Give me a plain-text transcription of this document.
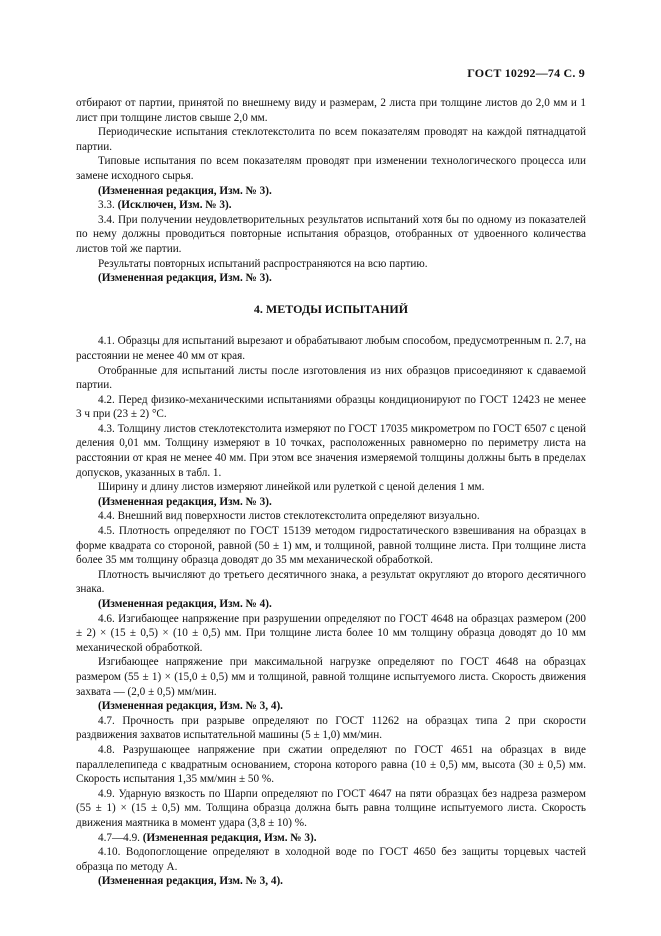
ГОСТ 10292—74 С. 9

отбирают от партии, принятой по внешнему виду и размерам, 2 листа при толщине листов до 2,0 мм и 1 лист при толщине листов свыше 2,0 мм.

Периодические испытания стеклотекстолита по всем показателям проводят на каждой пятнадцатой партии.

Типовые испытания по всем показателям проводят при изменении технологического процесса или замене исходного сырья.

(Измененная редакция, Изм. № 3).

3.3. (Исключен, Изм. № 3).

3.4. При получении неудовлетворительных результатов испытаний хотя бы по одному из показателей по нему должны проводиться повторные испытания образцов, отобранных от удвоенного количества листов той же партии.

Результаты повторных испытаний распространяются на всю партию.

(Измененная редакция, Изм. № 3).

4. МЕТОДЫ ИСПЫТАНИЙ

4.1. Образцы для испытаний вырезают и обрабатывают любым способом, предусмотренным п. 2.7, на расстоянии не менее 40 мм от края.

Отобранные для испытаний листы после изготовления из них образцов присоединяют к сдаваемой партии.

4.2. Перед физико-механическими испытаниями образцы кондиционируют по ГОСТ 12423 не менее 3 ч при (23 ± 2) °С.

4.3. Толщину листов стеклотекстолита измеряют по ГОСТ 17035 микрометром по ГОСТ 6507 с ценой деления 0,01 мм. Толщину измеряют в 10 точках, расположенных равномерно по периметру листа на расстоянии от края не менее 40 мм. При этом все значения измеряемой толщины должны быть в пределах допусков, указанных в табл. 1.

Ширину и длину листов измеряют линейкой или рулеткой с ценой деления 1 мм.

(Измененная редакция, Изм. № 3).

4.4. Внешний вид поверхности листов стеклотекстолита определяют визуально.

4.5. Плотность определяют по ГОСТ 15139 методом гидростатического взвешивания на образцах в форме квадрата со стороной, равной (50 ± 1) мм, и толщиной, равной толщине листа. При толщине листа более 35 мм толщину образца доводят до 35 мм механической обработкой.

Плотность вычисляют до третьего десятичного знака, а результат округляют до второго десятичного знака.

(Измененная редакция, Изм. № 4).

4.6. Изгибающее напряжение при разрушении определяют по ГОСТ 4648 на образцах размером (200 ± 2) × (15 ± 0,5) × (10 ± 0,5) мм. При толщине листа более 10 мм толщину образца доводят до 10 мм механической обработкой.

Изгибающее напряжение при максимальной нагрузке определяют по ГОСТ 4648 на образцах размером (55 ± 1) × (15,0 ± 0,5) мм и толщиной, равной толщине испытуемого листа. Скорость движения захвата — (2,0 ± 0,5) мм/мин.

(Измененная редакция, Изм. № 3, 4).

4.7. Прочность при разрыве определяют по ГОСТ 11262 на образцах типа 2 при скорости раздвижения захватов испытательной машины (5 ± 1,0) мм/мин.

4.8. Разрушающее напряжение при сжатии определяют по ГОСТ 4651 на образцах в виде параллелепипеда с квадратным основанием, сторона которого равна (10 ± 0,5) мм, высота (30 ± 0,5) мм. Скорость испытания 1,35 мм/мин ± 50 %.

4.9. Ударную вязкость по Шарпи определяют по ГОСТ 4647 на пяти образцах без надреза размером (55 ± 1) × (15 ± 0,5) мм. Толщина образца должна быть равна толщине испытуемого листа. Скорость движения маятника в момент удара (3,8 ± 10) %.

4.7—4.9. (Измененная редакция, Изм. № 3).

4.10. Водопоглощение определяют в холодной воде по ГОСТ 4650 без защиты торцевых частей образца по методу А.

(Измененная редакция, Изм. № 3, 4).
